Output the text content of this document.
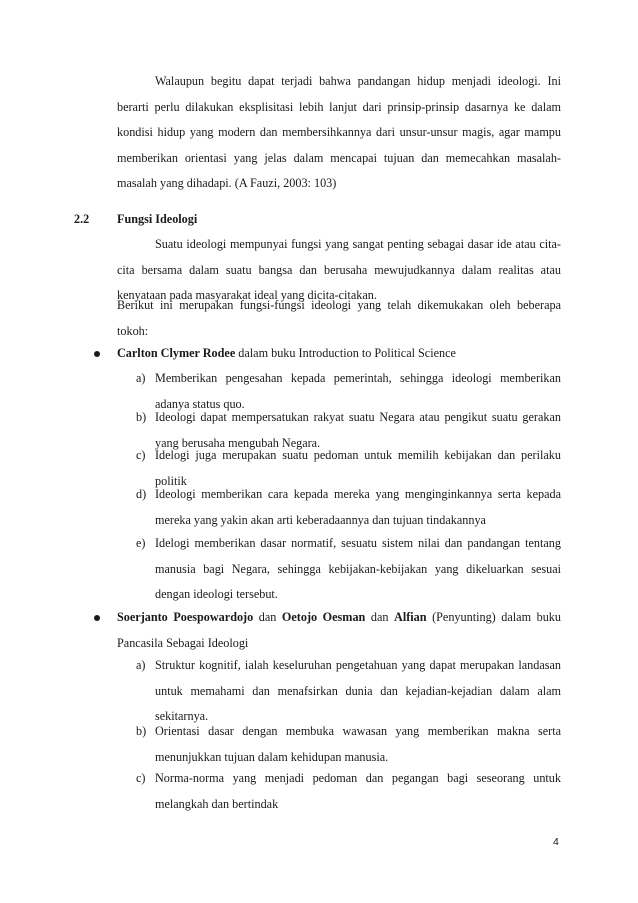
Walaupun begitu dapat terjadi bahwa pandangan hidup menjadi ideologi. Ini berarti perlu dilakukan eksplisitasi lebih lanjut dari prinsip-prinsip dasarnya ke dalam kondisi hidup yang modern dan membersihkannya dari unsur-unsur magis, agar mampu memberikan orientasi yang jelas dalam mencapai tujuan dan memecahkan masalah-masalah yang dihadapi. (A Fauzi, 2003: 103)
2.2 Fungsi Ideologi
Suatu ideologi mempunyai fungsi yang sangat penting sebagai dasar ide atau cita-cita bersama dalam suatu bangsa dan berusaha mewujudkannya dalam realitas atau kenyataan pada masyarakat ideal yang dicita-citakan.
Berikut ini merupakan fungsi-fungsi ideologi yang telah dikemukakan oleh beberapa tokoh:
Carlton Clymer Rodee dalam buku Introduction to Political Science
a) Memberikan pengesahan kepada pemerintah, sehingga ideologi memberikan adanya status quo.
b) Ideologi dapat mempersatukan rakyat suatu Negara atau pengikut suatu gerakan yang berusaha mengubah Negara.
c) Idelogi juga merupakan suatu pedoman untuk memilih kebijakan dan perilaku politik
d) Ideologi memberikan cara kepada mereka yang menginginkannya serta kepada mereka yang yakin akan arti keberadaannya dan tujuan tindakannya
e) Idelogi memberikan dasar normatif, sesuatu sistem nilai dan pandangan tentang manusia bagi Negara, sehingga kebijakan-kebijakan yang dikeluarkan sesuai dengan ideologi tersebut.
Soerjanto Poespowardojo dan Oetojo Oesman dan Alfian (Penyunting) dalam buku Pancasila Sebagai Ideologi
a) Struktur kognitif, ialah keseluruhan pengetahuan yang dapat merupakan landasan untuk memahami dan menafsirkan dunia dan kejadian-kejadian dalam alam sekitarnya.
b) Orientasi dasar dengan membuka wawasan yang memberikan makna serta menunjukkan tujuan dalam kehidupan manusia.
c) Norma-norma yang menjadi pedoman dan pegangan bagi seseorang untuk melangkah dan bertindak
4
